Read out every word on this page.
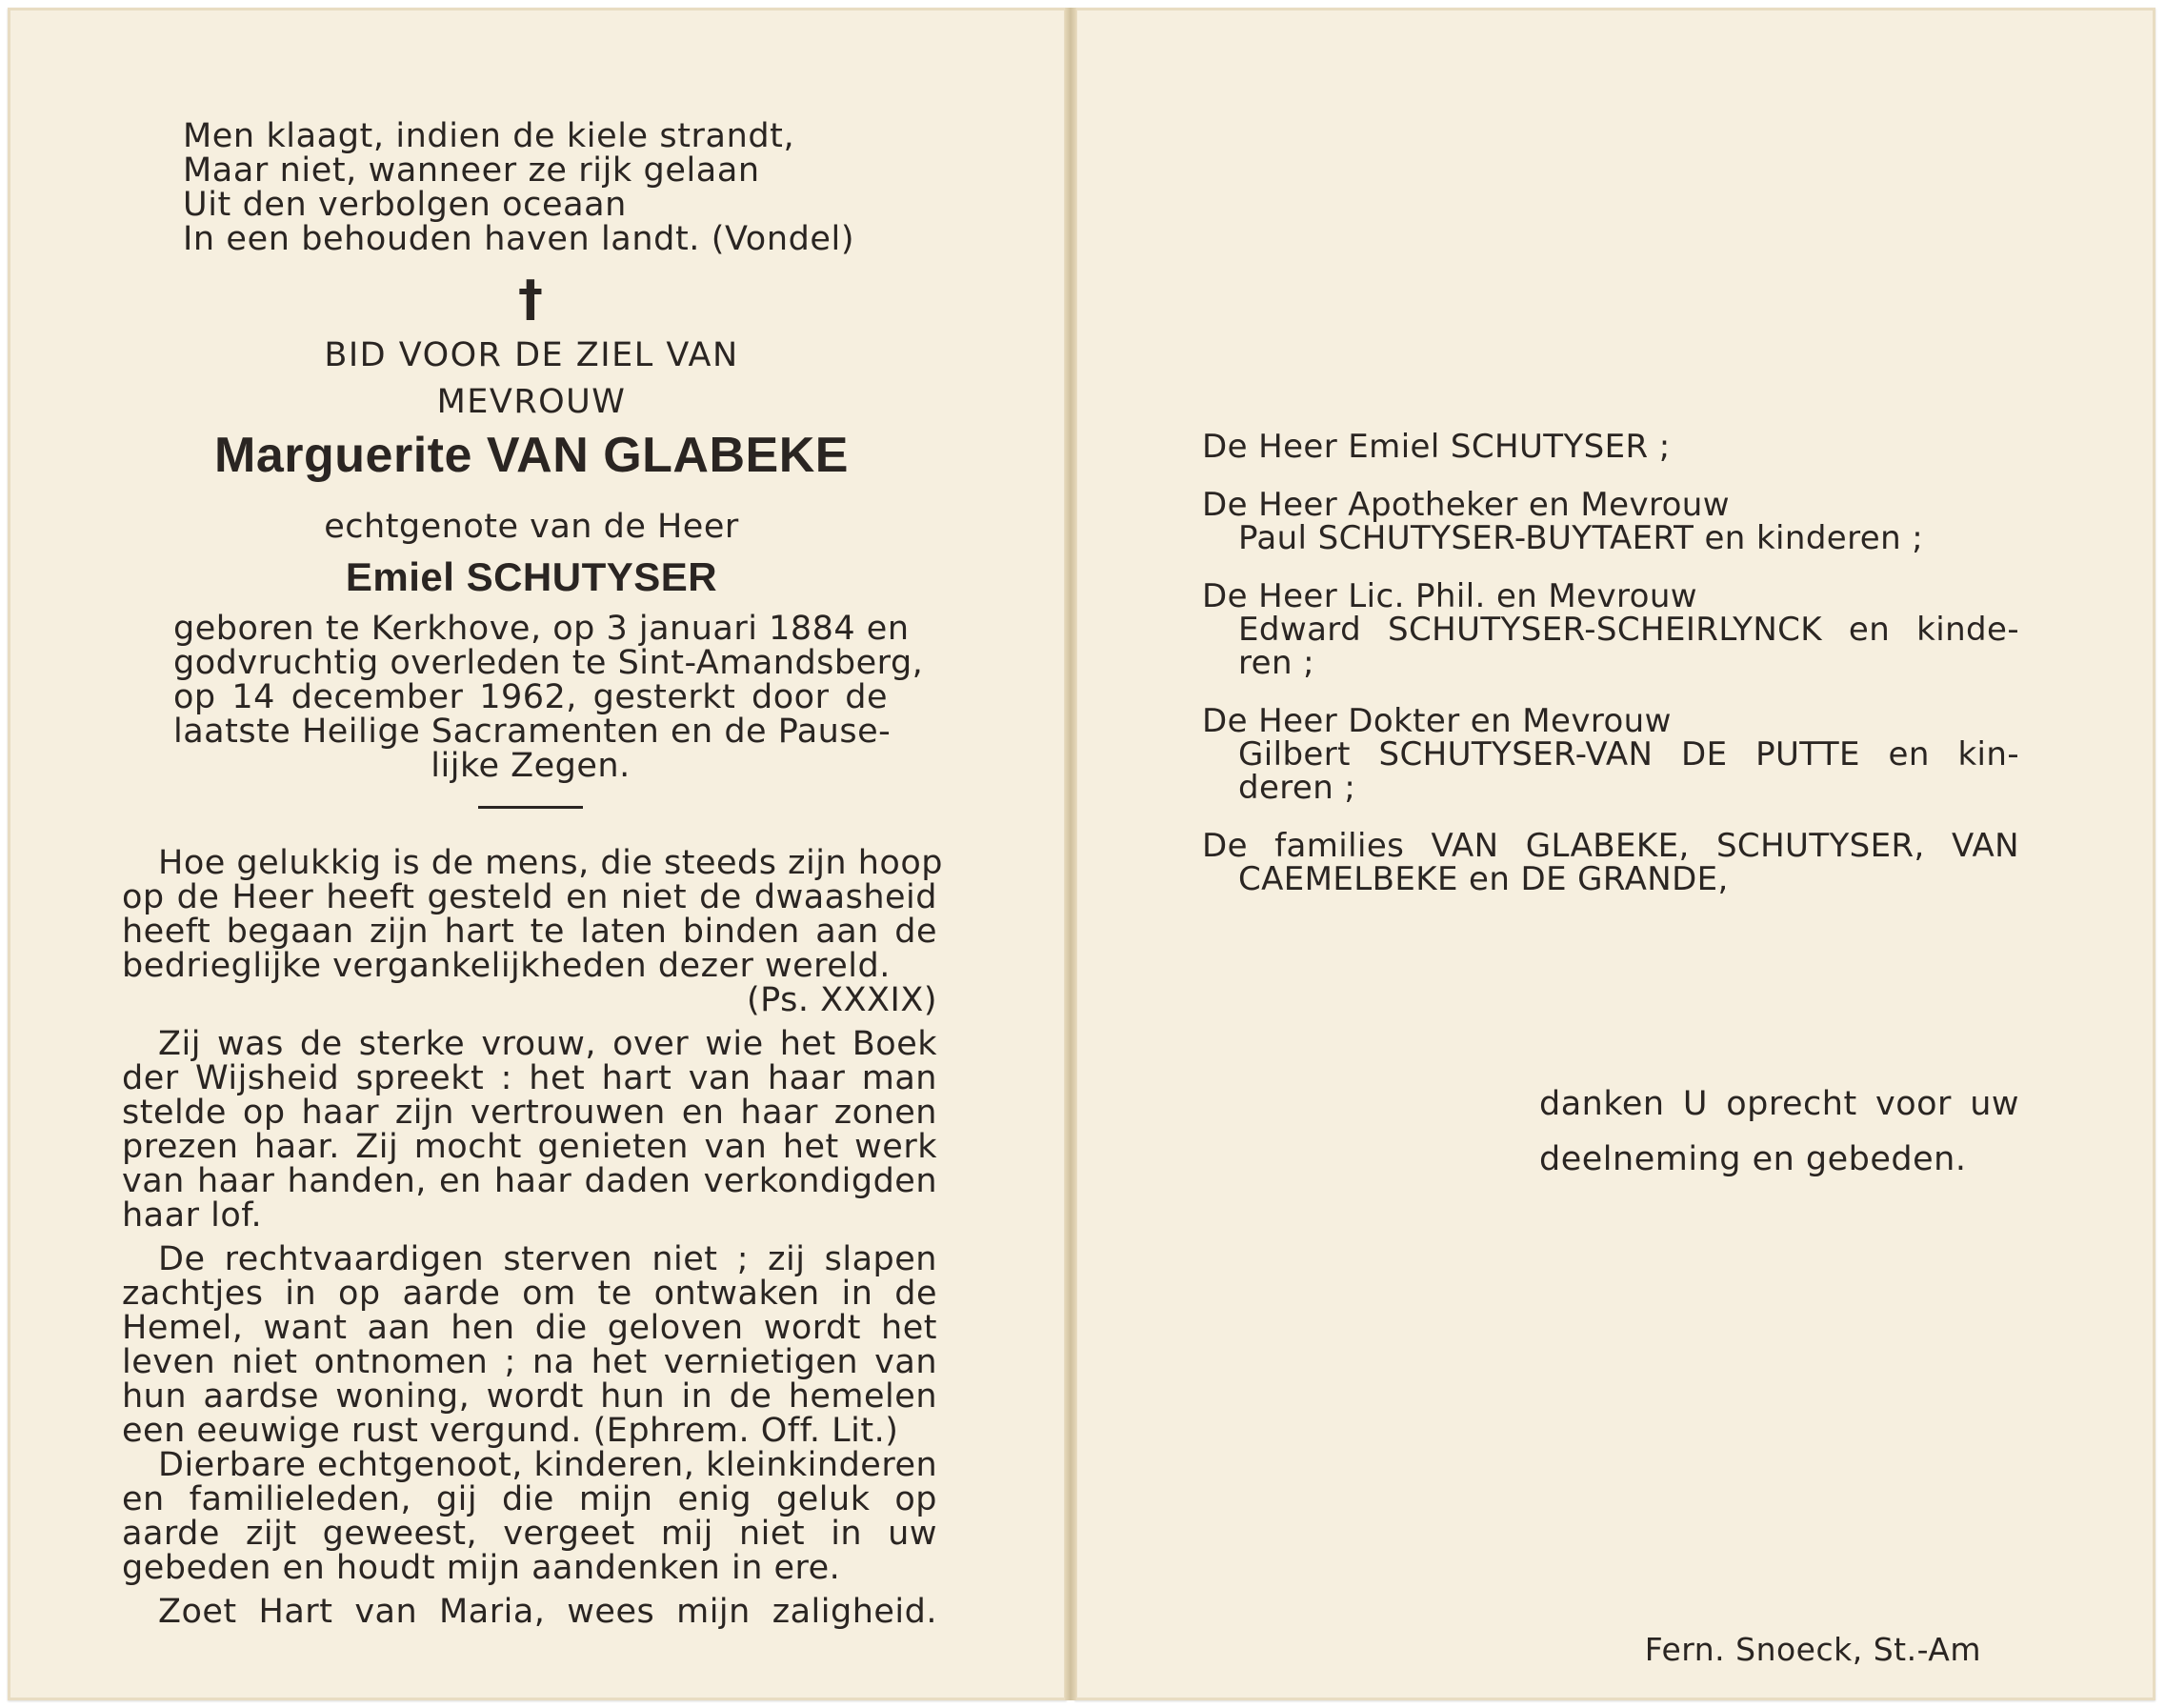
Men klaagt, indien de kiele strandt,
Maar niet, wanneer ze rijk gelaan
Uit den verbolgen oceaan
In een behouden haven landt. (Vondel)
†
BID VOOR DE ZIEL VAN
MEVROUW
Marguerite VAN GLABEKE
echtgenote van de Heer
Emiel SCHUTYSER
geboren te Kerkhove, op 3 januari 1884 en
godvruchtig overleden te Sint-Amandsberg,
op 14 december 1962, gesterkt door de
laatste Heilige Sacramenten en de Pause-
lijke Zegen.
Hoe gelukkig is de mens, die steeds zijn hoop
op de Heer heeft gesteld en niet de dwaasheid
heeft begaan zijn hart te laten binden aan de
bedrieglijke vergankelijkheden dezer wereld.
(Ps. XXXIX)
Zij was de sterke vrouw, over wie het Boek
der Wijsheid spreekt : het hart van haar man
stelde op haar zijn vertrouwen en haar zonen
prezen haar. Zij mocht genieten van het werk
van haar handen, en haar daden verkondigden
haar lof.
De rechtvaardigen sterven niet ; zij slapen
zachtjes in op aarde om te ontwaken in de
Hemel, want aan hen die geloven wordt het
leven niet ontnomen ; na het vernietigen van
hun aardse woning, wordt hun in de hemelen
een eeuwige rust vergund. (Ephrem. Off. Lit.)
Dierbare echtgenoot, kinderen, kleinkinderen
en familieleden, gij die mijn enig geluk op
aarde zijt geweest, vergeet mij niet in uw
gebeden en houdt mijn aandenken in ere.
Zoet Hart van Maria, wees mijn zaligheid.
De Heer Emiel SCHUTYSER ;
De Heer Apotheker en Mevrouw
Paul SCHUTYSER-BUYTAERT en kinderen ;
De Heer Lic. Phil. en Mevrouw
Edward SCHUTYSER-SCHEIRLYNCK en kinde-
ren ;
De Heer Dokter en Mevrouw
Gilbert SCHUTYSER-VAN DE PUTTE en kin-
deren ;
De families VAN GLABEKE, SCHUTYSER, VAN
CAEMELBEKE en DE GRANDE,
danken U oprecht voor uw
deelneming en gebeden.
Fern. Snoeck, St.-Am
